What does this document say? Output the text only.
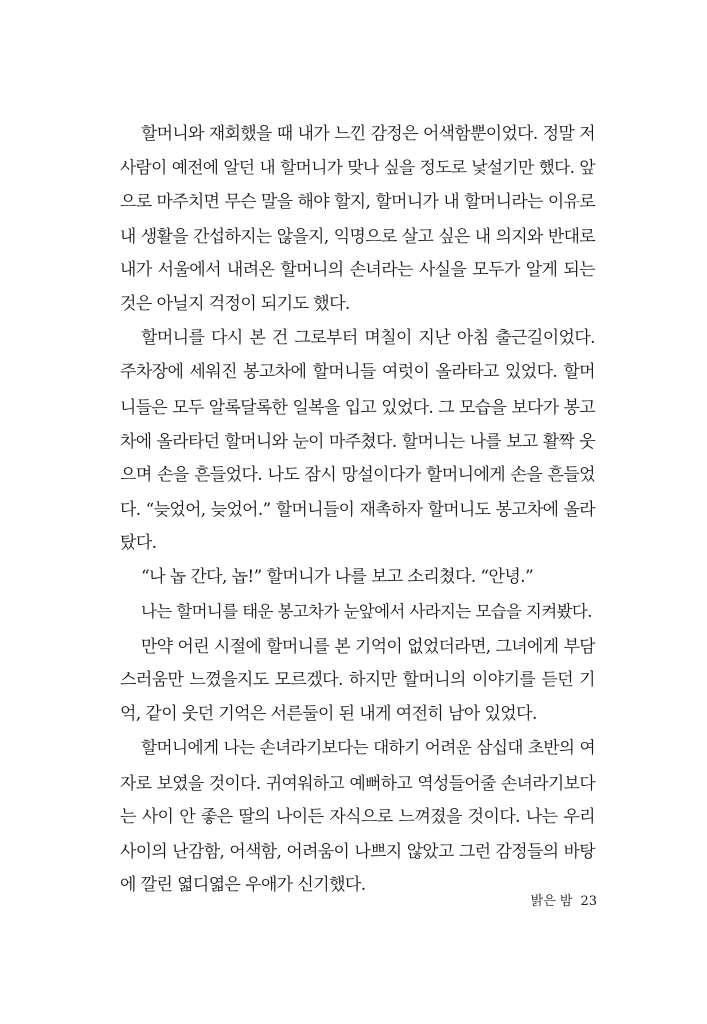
할머니와 재회했을 때 내가 느낀 감정은 어색함뿐이었다. 정말 저
사람이 예전에 알던 내 할머니가 맞나 싶을 정도로 낯설기만 했다. 앞
으로 마주치면 무슨 말을 해야 할지, 할머니가 내 할머니라는 이유로
내 생활을 간섭하지는 않을지, 익명으로 살고 싶은 내 의지와 반대로
내가 서울에서 내려온 할머니의 손녀라는 사실을 모두가 알게 되는
것은 아닐지 걱정이 되기도 했다.
할머니를 다시 본 건 그로부터 며칠이 지난 아침 출근길이었다.
주차장에 세워진 봉고차에 할머니들 여럿이 올라타고 있었다. 할머
니들은 모두 알록달록한 일복을 입고 있었다. 그 모습을 보다가 봉고
차에 올라타던 할머니와 눈이 마주쳤다. 할머니는 나를 보고 활짝 웃
으며 손을 흔들었다. 나도 잠시 망설이다가 할머니에게 손을 흔들었
다. “늦었어, 늦었어.” 할머니들이 재촉하자 할머니도 봉고차에 올라
탔다.
“나 놉 간다, 놉!” 할머니가 나를 보고 소리쳤다. “안녕.”
나는 할머니를 태운 봉고차가 눈앞에서 사라지는 모습을 지켜봤다.
만약 어린 시절에 할머니를 본 기억이 없었더라면, 그녀에게 부담
스러움만 느꼈을지도 모르겠다. 하지만 할머니의 이야기를 듣던 기
억, 같이 웃던 기억은 서른둘이 된 내게 여전히 남아 있었다.
할머니에게 나는 손녀라기보다는 대하기 어려운 삼십대 초반의 여
자로 보였을 것이다. 귀여워하고 예뻐하고 역성들어줄 손녀라기보다
는 사이 안 좋은 딸의 나이든 자식으로 느껴졌을 것이다. 나는 우리
사이의 난감함, 어색함, 어려움이 나쁘지 않았고 그런 감정들의 바탕
에 깔린 엷디엷은 우애가 신기했다.
밝은 밤 23
